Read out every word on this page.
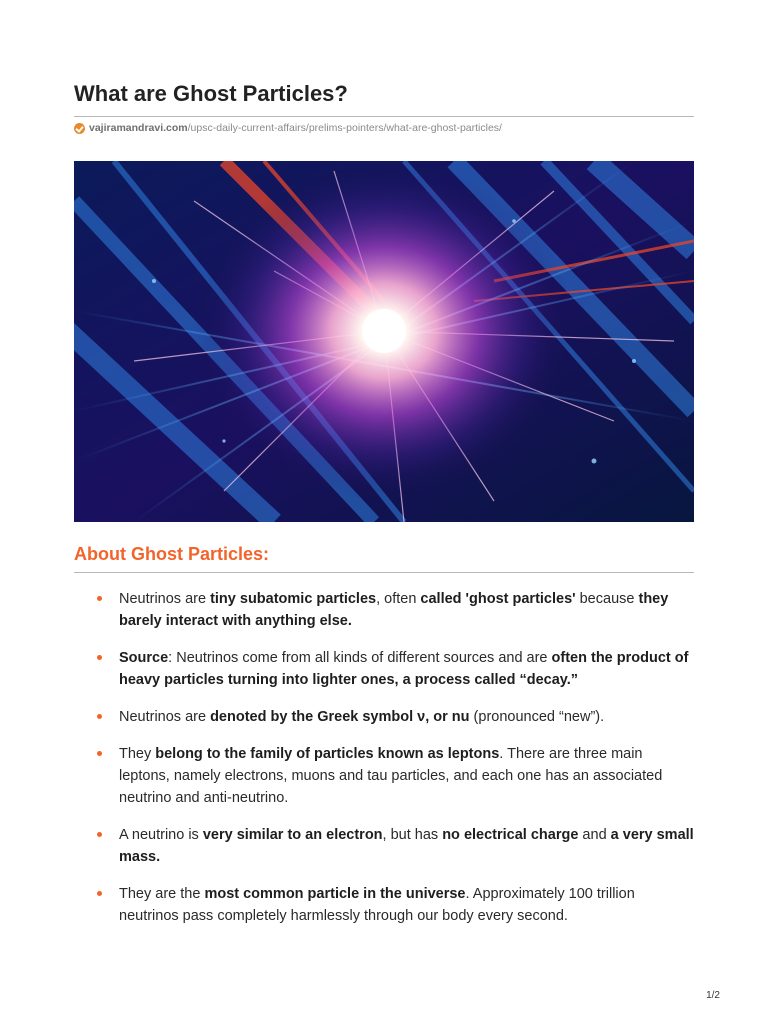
What are Ghost Particles?
vajiramandravi.com/upsc-daily-current-affairs/prelims-pointers/what-are-ghost-particles/
About Ghost Particles:
Neutrinos are tiny subatomic particles, often called 'ghost particles' because they barely interact with anything else.
Source: Neutrinos come from all kinds of different sources and are often the product of heavy particles turning into lighter ones, a process called “decay.”
Neutrinos are denoted by the Greek symbol ν, or nu (pronounced “new”).
They belong to the family of particles known as leptons. There are three main leptons, namely electrons, muons and tau particles, and each one has an associated neutrino and anti-neutrino.
A neutrino is very similar to an electron, but has no electrical charge and a very small mass.
They are the most common particle in the universe. Approximately 100 trillion neutrinos pass completely harmlessly through our body every second.
1/2
